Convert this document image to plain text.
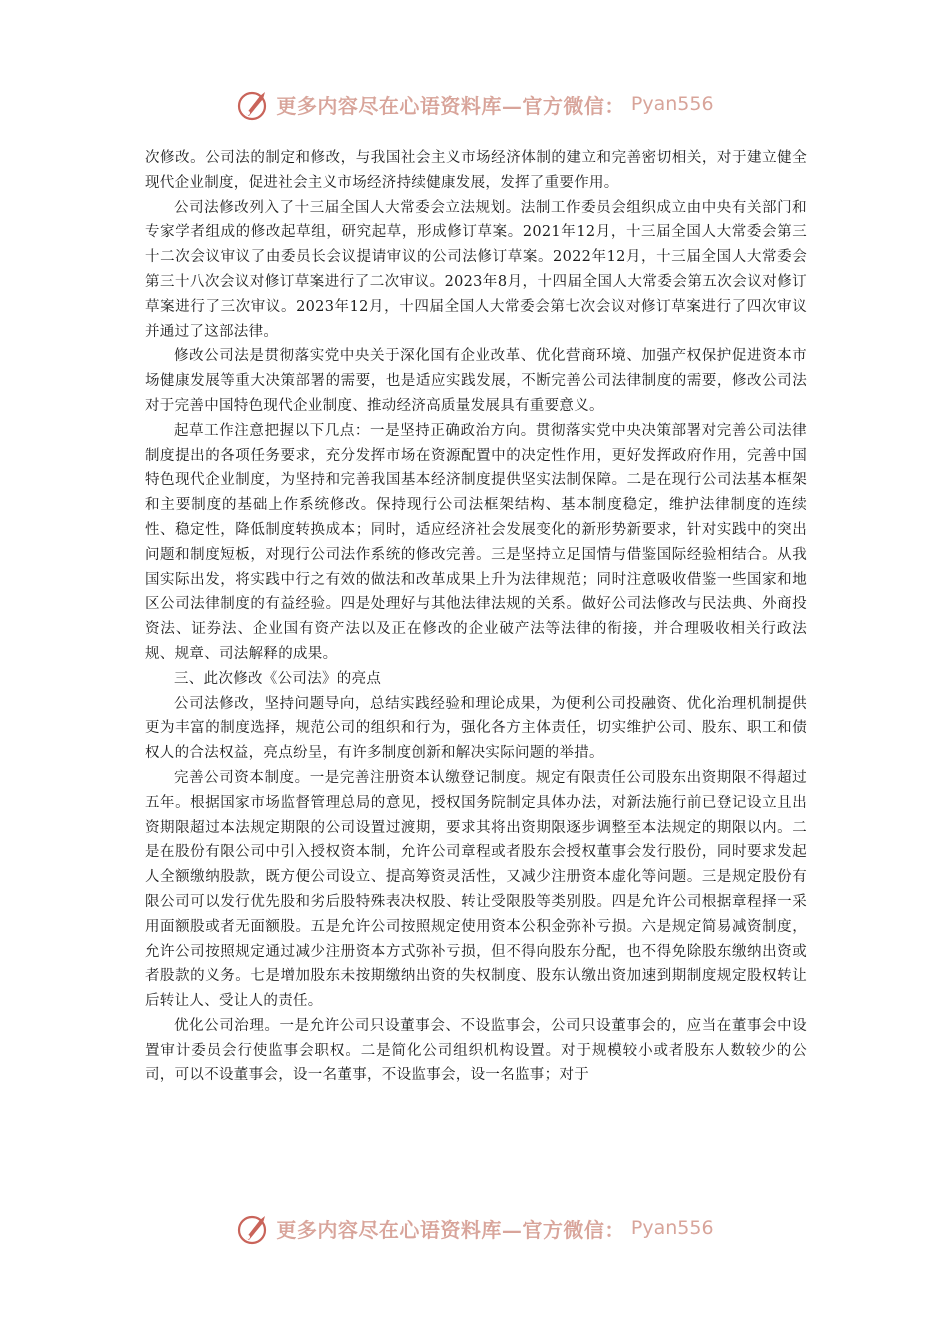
更多内容尽在心语资料库—官方微信： Pyan556

次修改。公司法的制定和修改，与我国社会主义市场经济体制的建立和完善密切相关，对于建立健全现代企业制度，促进社会主义市场经济持续健康发展，发挥了重要作用。

公司法修改列入了十三届全国人大常委会立法规划。法制工作委员会组织成立由中央有关部门和专家学者组成的修改起草组，研究起草，形成修订草案。2021年12月，十三届全国人大常委会第三十二次会议审议了由委员长会议提请审议的公司法修订草案。2022年12月，十三届全国人大常委会第三十八次会议对修订草案进行了二次审议。2023年8月，十四届全国人大常委会第五次会议对修订草案进行了三次审议。2023年12月，十四届全国人大常委会第七次会议对修订草案进行了四次审议并通过了这部法律。

修改公司法是贯彻落实党中央关于深化国有企业改革、优化营商环境、加强产权保护促进资本市场健康发展等重大决策部署的需要，也是适应实践发展，不断完善公司法律制度的需要，修改公司法对于完善中国特色现代企业制度、推动经济高质量发展具有重要意义。

起草工作注意把握以下几点：一是坚持正确政治方向。贯彻落实党中央决策部署对完善公司法律制度提出的各项任务要求，充分发挥市场在资源配置中的决定性作用，更好发挥政府作用，完善中国特色现代企业制度，为坚持和完善我国基本经济制度提供坚实法制保障。二是在现行公司法基本框架和主要制度的基础上作系统修改。保持现行公司法框架结构、基本制度稳定，维护法律制度的连续性、稳定性，降低制度转换成本；同时，适应经济社会发展变化的新形势新要求，针对实践中的突出问题和制度短板，对现行公司法作系统的修改完善。三是坚持立足国情与借鉴国际经验相结合。从我国实际出发，将实践中行之有效的做法和改革成果上升为法律规范；同时注意吸收借鉴一些国家和地区公司法律制度的有益经验。四是处理好与其他法律法规的关系。做好公司法修改与民法典、外商投资法、证券法、企业国有资产法以及正在修改的企业破产法等法律的衔接，并合理吸收相关行政法规、规章、司法解释的成果。

三、此次修改《公司法》的亮点

公司法修改，坚持问题导向，总结实践经验和理论成果，为便利公司投融资、优化治理机制提供更为丰富的制度选择，规范公司的组织和行为，强化各方主体责任，切实维护公司、股东、职工和债权人的合法权益，亮点纷呈，有许多制度创新和解决实际问题的举措。

完善公司资本制度。一是完善注册资本认缴登记制度。规定有限责任公司股东出资期限不得超过五年。根据国家市场监督管理总局的意见，授权国务院制定具体办法，对新法施行前已登记设立且出资期限超过本法规定期限的公司设置过渡期，要求其将出资期限逐步调整至本法规定的期限以内。二是在股份有限公司中引入授权资本制，允许公司章程或者股东会授权董事会发行股份，同时要求发起人全额缴纳股款，既方便公司设立、提高筹资灵活性，又减少注册资本虚化等问题。三是规定股份有限公司可以发行优先股和劣后股特殊表决权股、转让受限股等类别股。四是允许公司根据章程择一采用面额股或者无面额股。五是允许公司按照规定使用资本公积金弥补亏损。六是规定简易减资制度，允许公司按照规定通过减少注册资本方式弥补亏损，但不得向股东分配，也不得免除股东缴纳出资或者股款的义务。七是增加股东未按期缴纳出资的失权制度、股东认缴出资加速到期制度规定股权转让后转让人、受让人的责任。

优化公司治理。一是允许公司只设董事会、不设监事会，公司只设董事会的，应当在董事会中设置审计委员会行使监事会职权。二是简化公司组织机构设置。对于规模较小或者股东人数较少的公司，可以不设董事会，设一名董事，不设监事会，设一名监事；对于

更多内容尽在心语资料库—官方微信： Pyan556
